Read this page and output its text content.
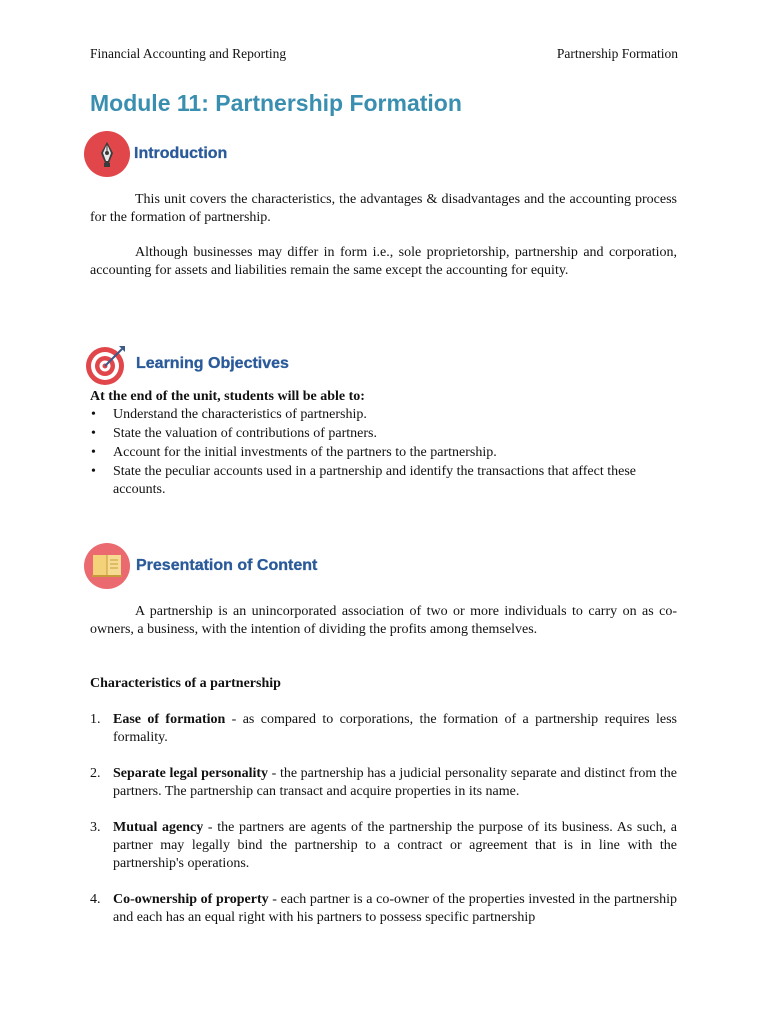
Financial Accounting and Reporting	Partnership Formation
Module 11: Partnership Formation
Introduction

This unit covers the characteristics, the advantages & disadvantages and the accounting process for the formation of partnership.

Although businesses may differ in form i.e., sole proprietorship, partnership and corporation, accounting for assets and liabilities remain the same except the accounting for equity.

Learning Objectives

At the end of the unit, students will be able to:

• Understand the characteristics of partnership.
• State the valuation of contributions of partners.
• Account for the initial investments of the partners to the partnership.
• State the peculiar accounts used in a partnership and identify the transactions that affect these accounts.
Presentation of Content

A partnership is an unincorporated association of two or more individuals to carry on as co-owners, a business, with the intention of dividing the profits among themselves.

Characteristics of a partnership

1. Ease of formation - as compared to corporations, the formation of a partnership requires less formality.
2. Separate legal personality - the partnership has a judicial personality separate and distinct from the partners. The partnership can transact and acquire properties in its name.
3. Mutual agency - the partners are agents of the partnership the purpose of its business. As such, a partner may legally bind the partnership to a contract or agreement that is in line with the partnership's operations.
4. Co-ownership of property - each partner is a co-owner of the properties invested in the partnership and each has an equal right with his partners to possess specific partnership
